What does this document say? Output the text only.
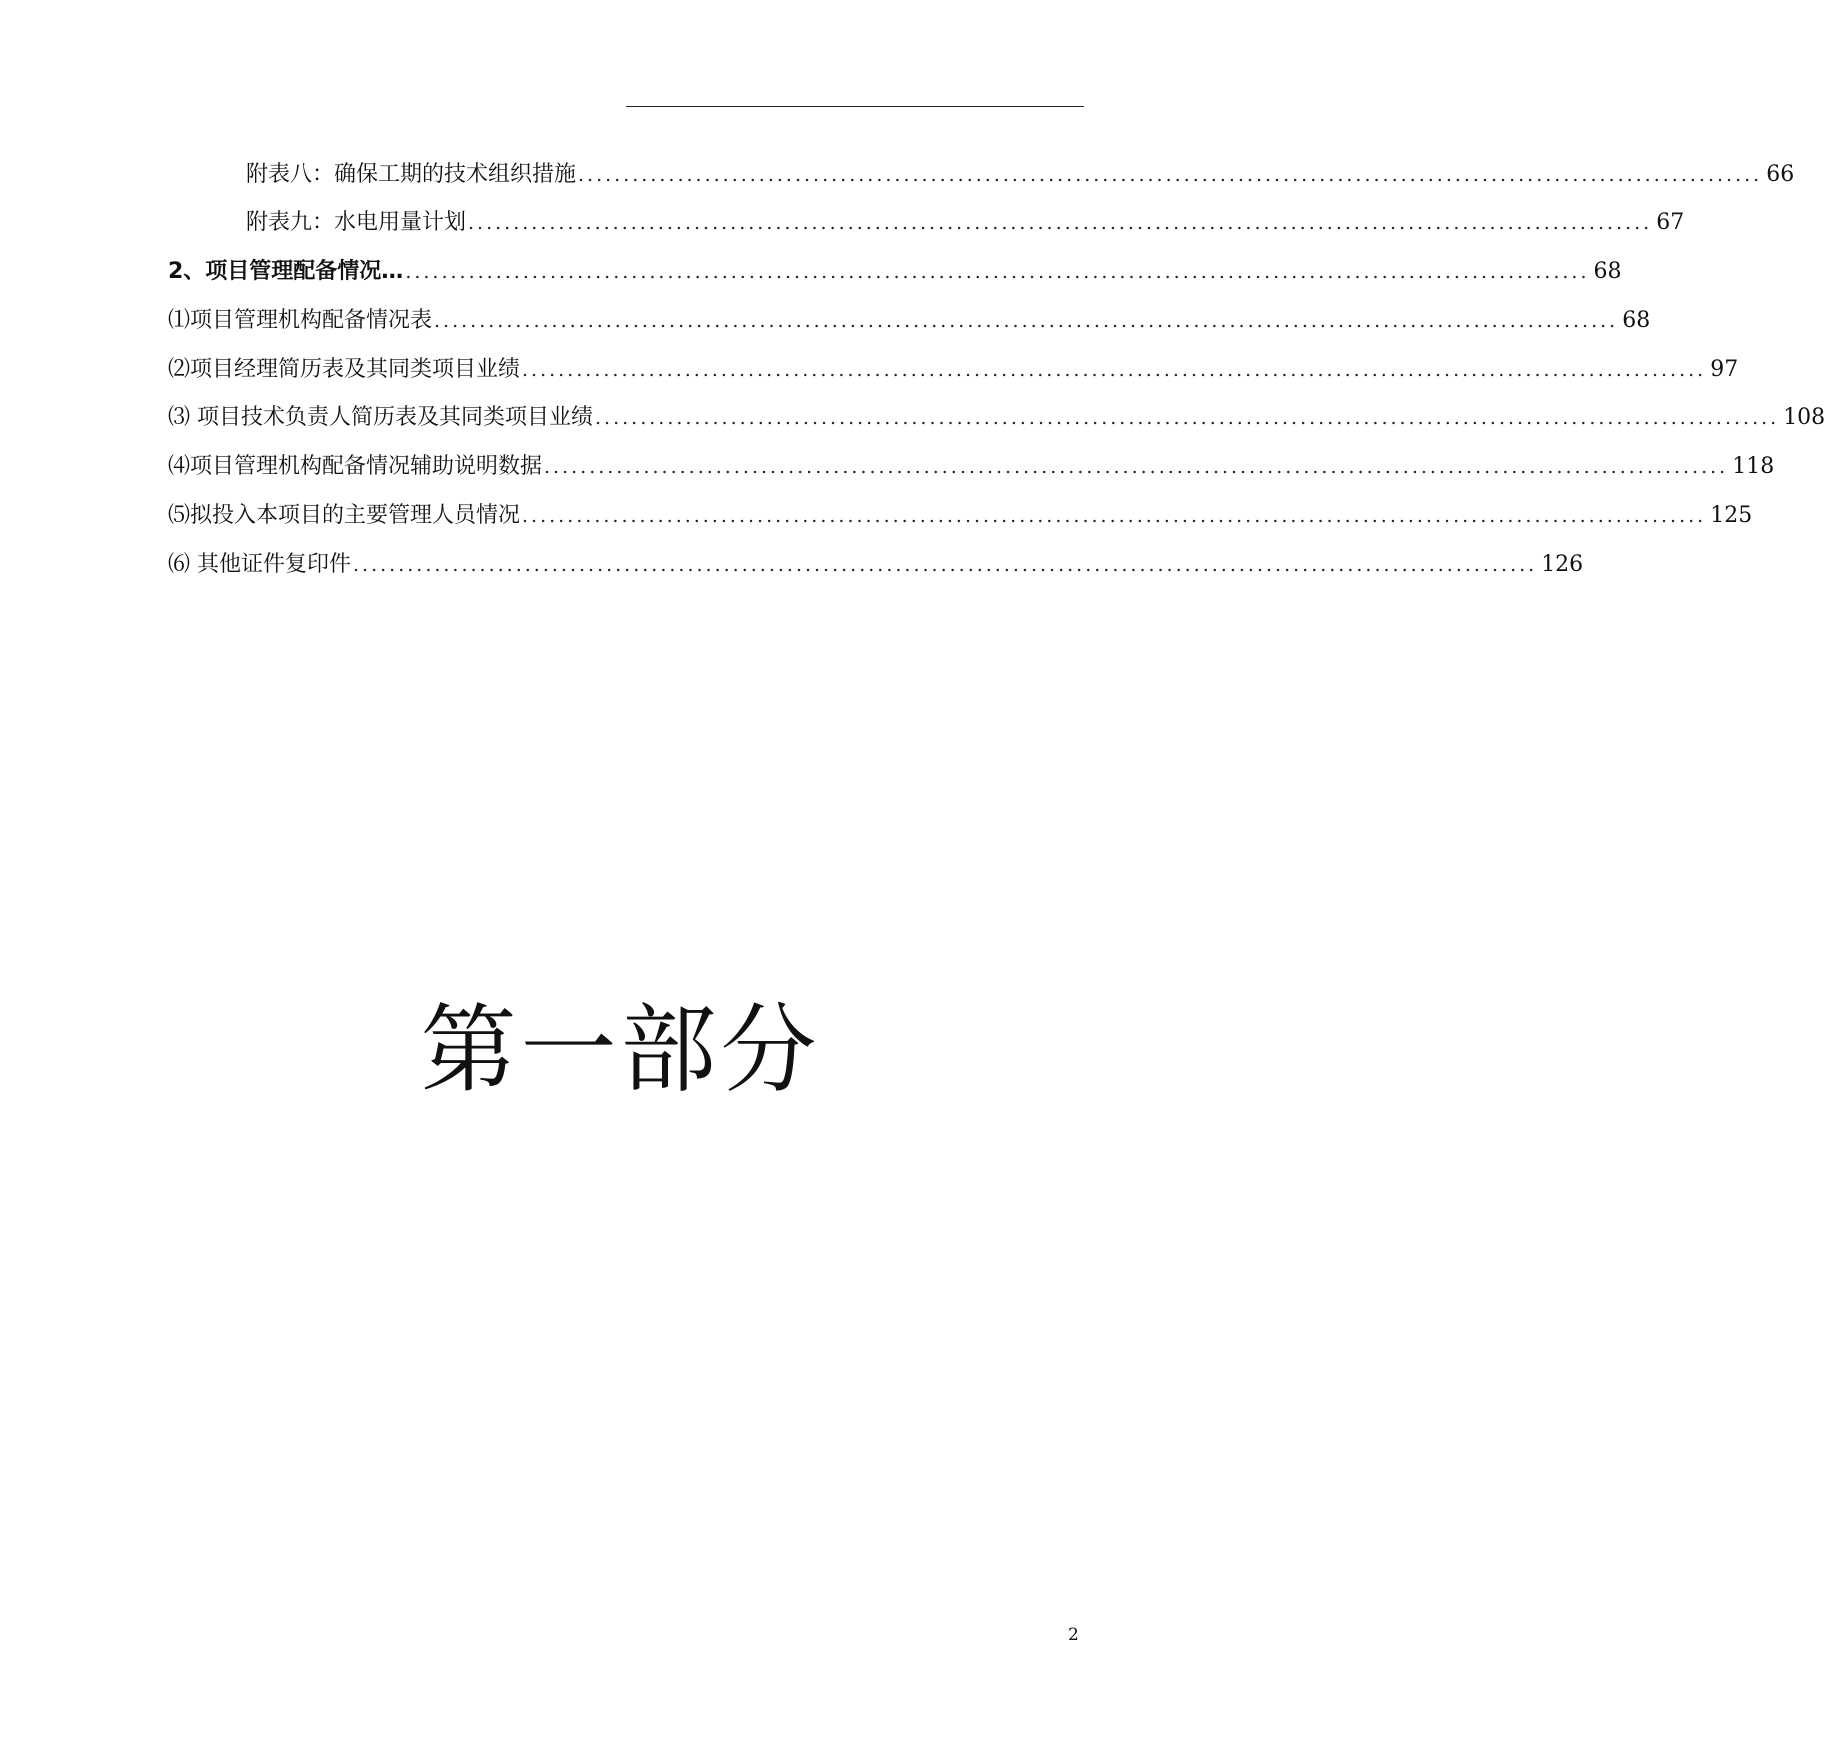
附表八：确保工期的技术组织措施 ................................................................................................................................... 66
附表九：水电用量计划 ................................................................................................................................... 67
2、项目管理配备情况… ................................................................................................................................... 68
⑴项目管理机构配备情况表 ................................................................................................................................... 68
⑵项目经理简历表及其同类项目业绩 ................................................................................................................................... 97
⑶ 项目技术负责人简历表及其同类项目业绩 ................................................................................................................................... 108
⑷项目管理机构配备情况辅助说明数据 ................................................................................................................................... 118
⑸拟投入本项目的主要管理人员情况 ................................................................................................................................... 125
⑹ 其他证件复印件 ................................................................................................................................... 126
第一部分
2
